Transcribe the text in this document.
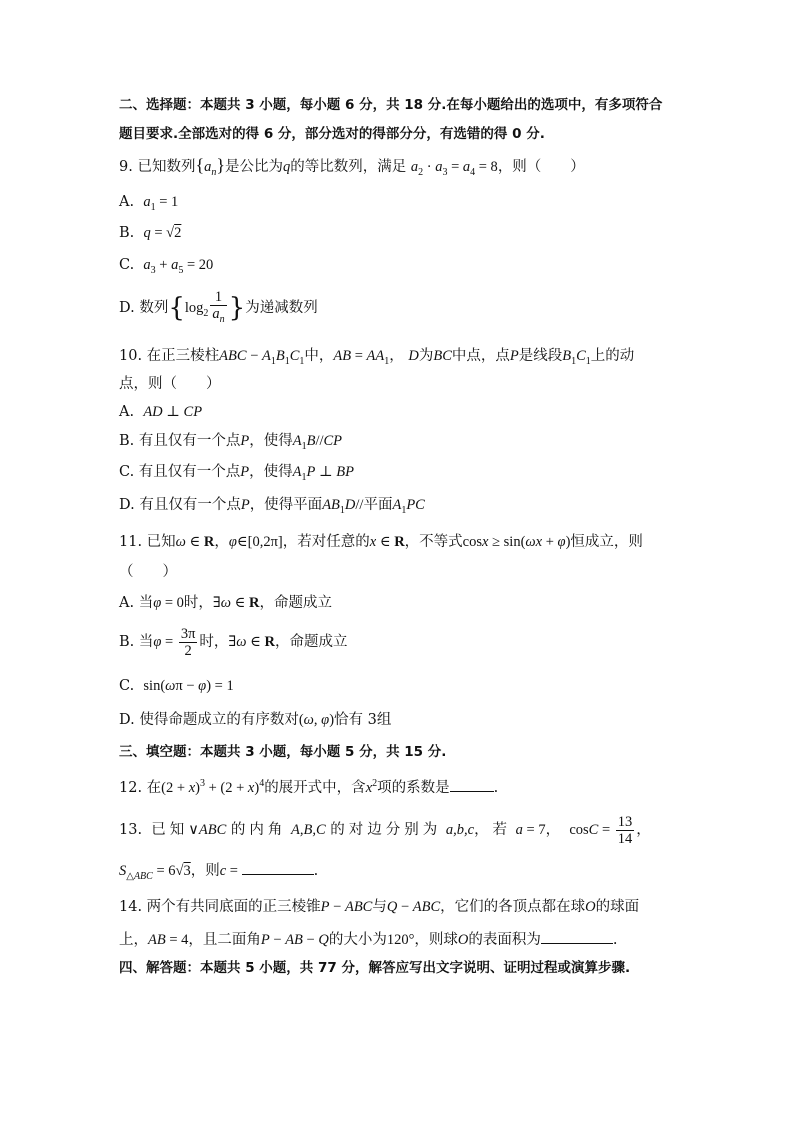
二、选择题：本题共 3 小题，每小题 6 分，共 18 分.在每小题给出的选项中，有多项符合
题目要求.全部选对的得 6 分，部分选对的得部分分，有选错的得 0 分.
9. 已知数列$\{a_n\}$是公比为q的等比数列，满足 $a_2 \cdot a_3 = a_4 = 8$，则（　　）
A. $a_1 = 1$
B. q = √2
C. $a_3 + a_5 = 20$
D. 数列{$\log_2 \frac{1}{a_n}$ }为递减数列
10. 在正三棱柱ABC − $A_1B_1C_1$中，AB = $AA_1$， D为BC中点，点P是线段$B_1C_1$上的动
点，则（　　）
A. AD ⊥ CP
B. 有且仅有一个点P，使得$A_1B//CP$
C. 有且仅有一个点P，使得$A_1P$ ⊥ BP
D. 有且仅有一个点P，使得平面$AB_1D//$平面$A_1PC$
11. 已知ω ∈ R，φ∈[0,2π]，若对任意的x ∈ R，不等式cosx ≥ sin(ωx + φ)恒成立，则
（　　）
A. 当φ = 0时，∃ω ∈ R，命题成立
B. 当$\varphi = \frac{3\pi}{2}$ 时，∃ω ∈ R，命题成立
C. sin(ωπ − φ) = 1
D. 使得命题成立的有序数对(ω, φ)恰有 3组
三、填空题：本题共 3 小题，每小题 5 分，共 15 分.
12. 在$(2 + x)^3 + (2 + x)^4$的展开式中，含$x^2$项的系数是	.
13. 已知∨ABC 的内角 A,B,C 的对边分别为 a,b,c，若 a = 7， $\cos C = \frac{13}{14}$ ，
$S_{\triangle ABC} = 6√3$，则c =	.
14. 两个有共同底面的正三棱锥P − ABC与Q − ABC，它们的各顶点都在球O的球面
上，AB = 4，且二面角P − AB − Q的大小为120°，则球O的表面积为	.
四、解答题：本题共 5 小题，共 77 分，解答应写出文字说明、证明过程或演算步骤.
